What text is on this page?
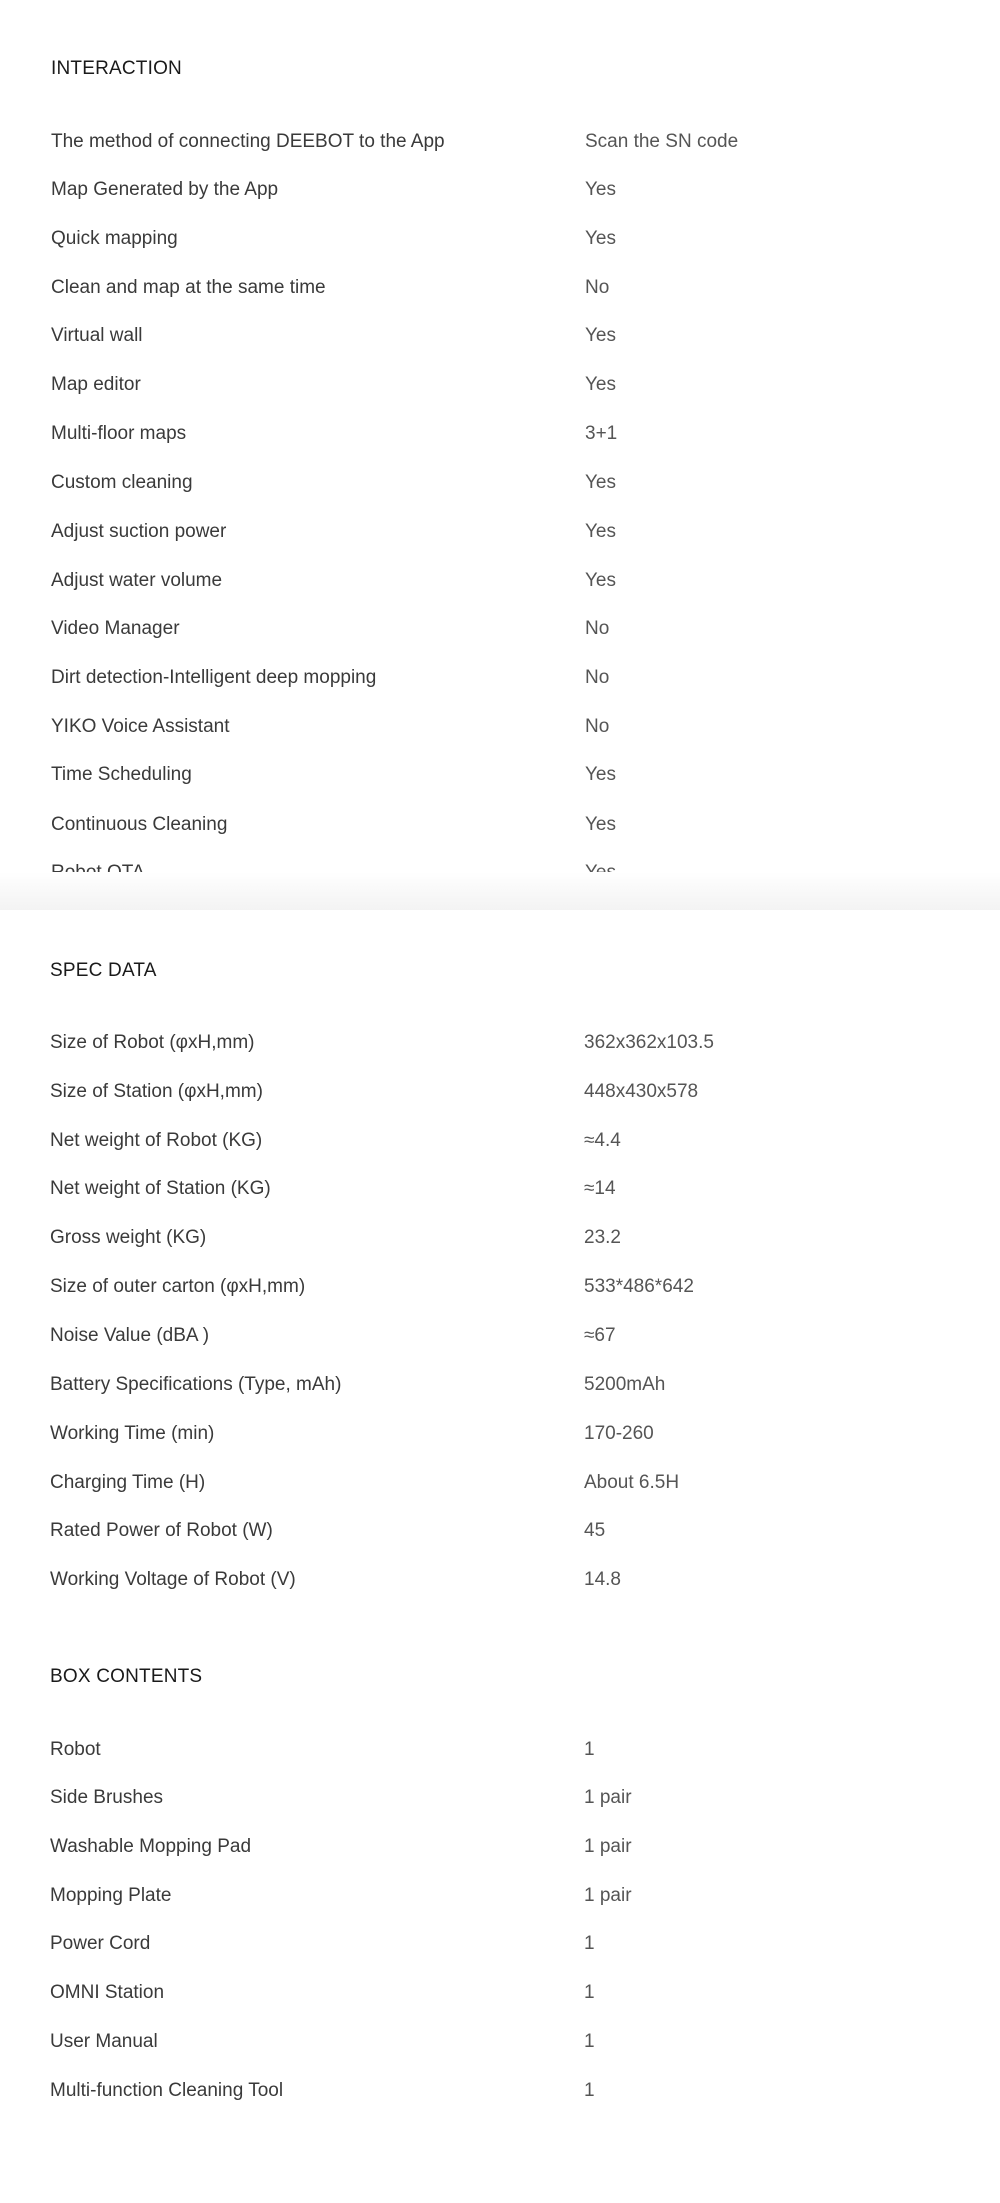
INTERACTION
The method of connecting DEEBOT to the App	Scan the SN code
Map Generated by the App	Yes
Quick mapping	Yes
Clean and map at the same time	No
Virtual wall	Yes
Map editor	Yes
Multi-floor maps	3+1
Custom cleaning	Yes
Adjust suction power	Yes
Adjust water volume	Yes
Video Manager	No
Dirt detection-Intelligent deep mopping	No
YIKO Voice Assistant	No
Time Scheduling	Yes
Continuous Cleaning	Yes
SPEC DATA
Size of Robot (φxH,mm)	362x362x103.5
Size of Station (φxH,mm)	448x430x578
Net weight of Robot (KG)	≈4.4
Net weight of Station (KG)	≈14
Gross weight (KG)	23.2
Size of outer carton (φxH,mm)	533*486*642
Noise Value (dBA )	≈67
Battery Specifications (Type, mAh)	5200mAh
Working Time (min)	170-260
Charging Time (H)	About 6.5H
Rated Power of Robot (W)	45
Working Voltage of Robot (V)	14.8
BOX CONTENTS
Robot	1
Side Brushes	1 pair
Washable Mopping Pad	1 pair
Mopping Plate	1 pair
Power Cord	1
OMNI Station	1
User Manual	1
Multi-function Cleaning Tool	1
